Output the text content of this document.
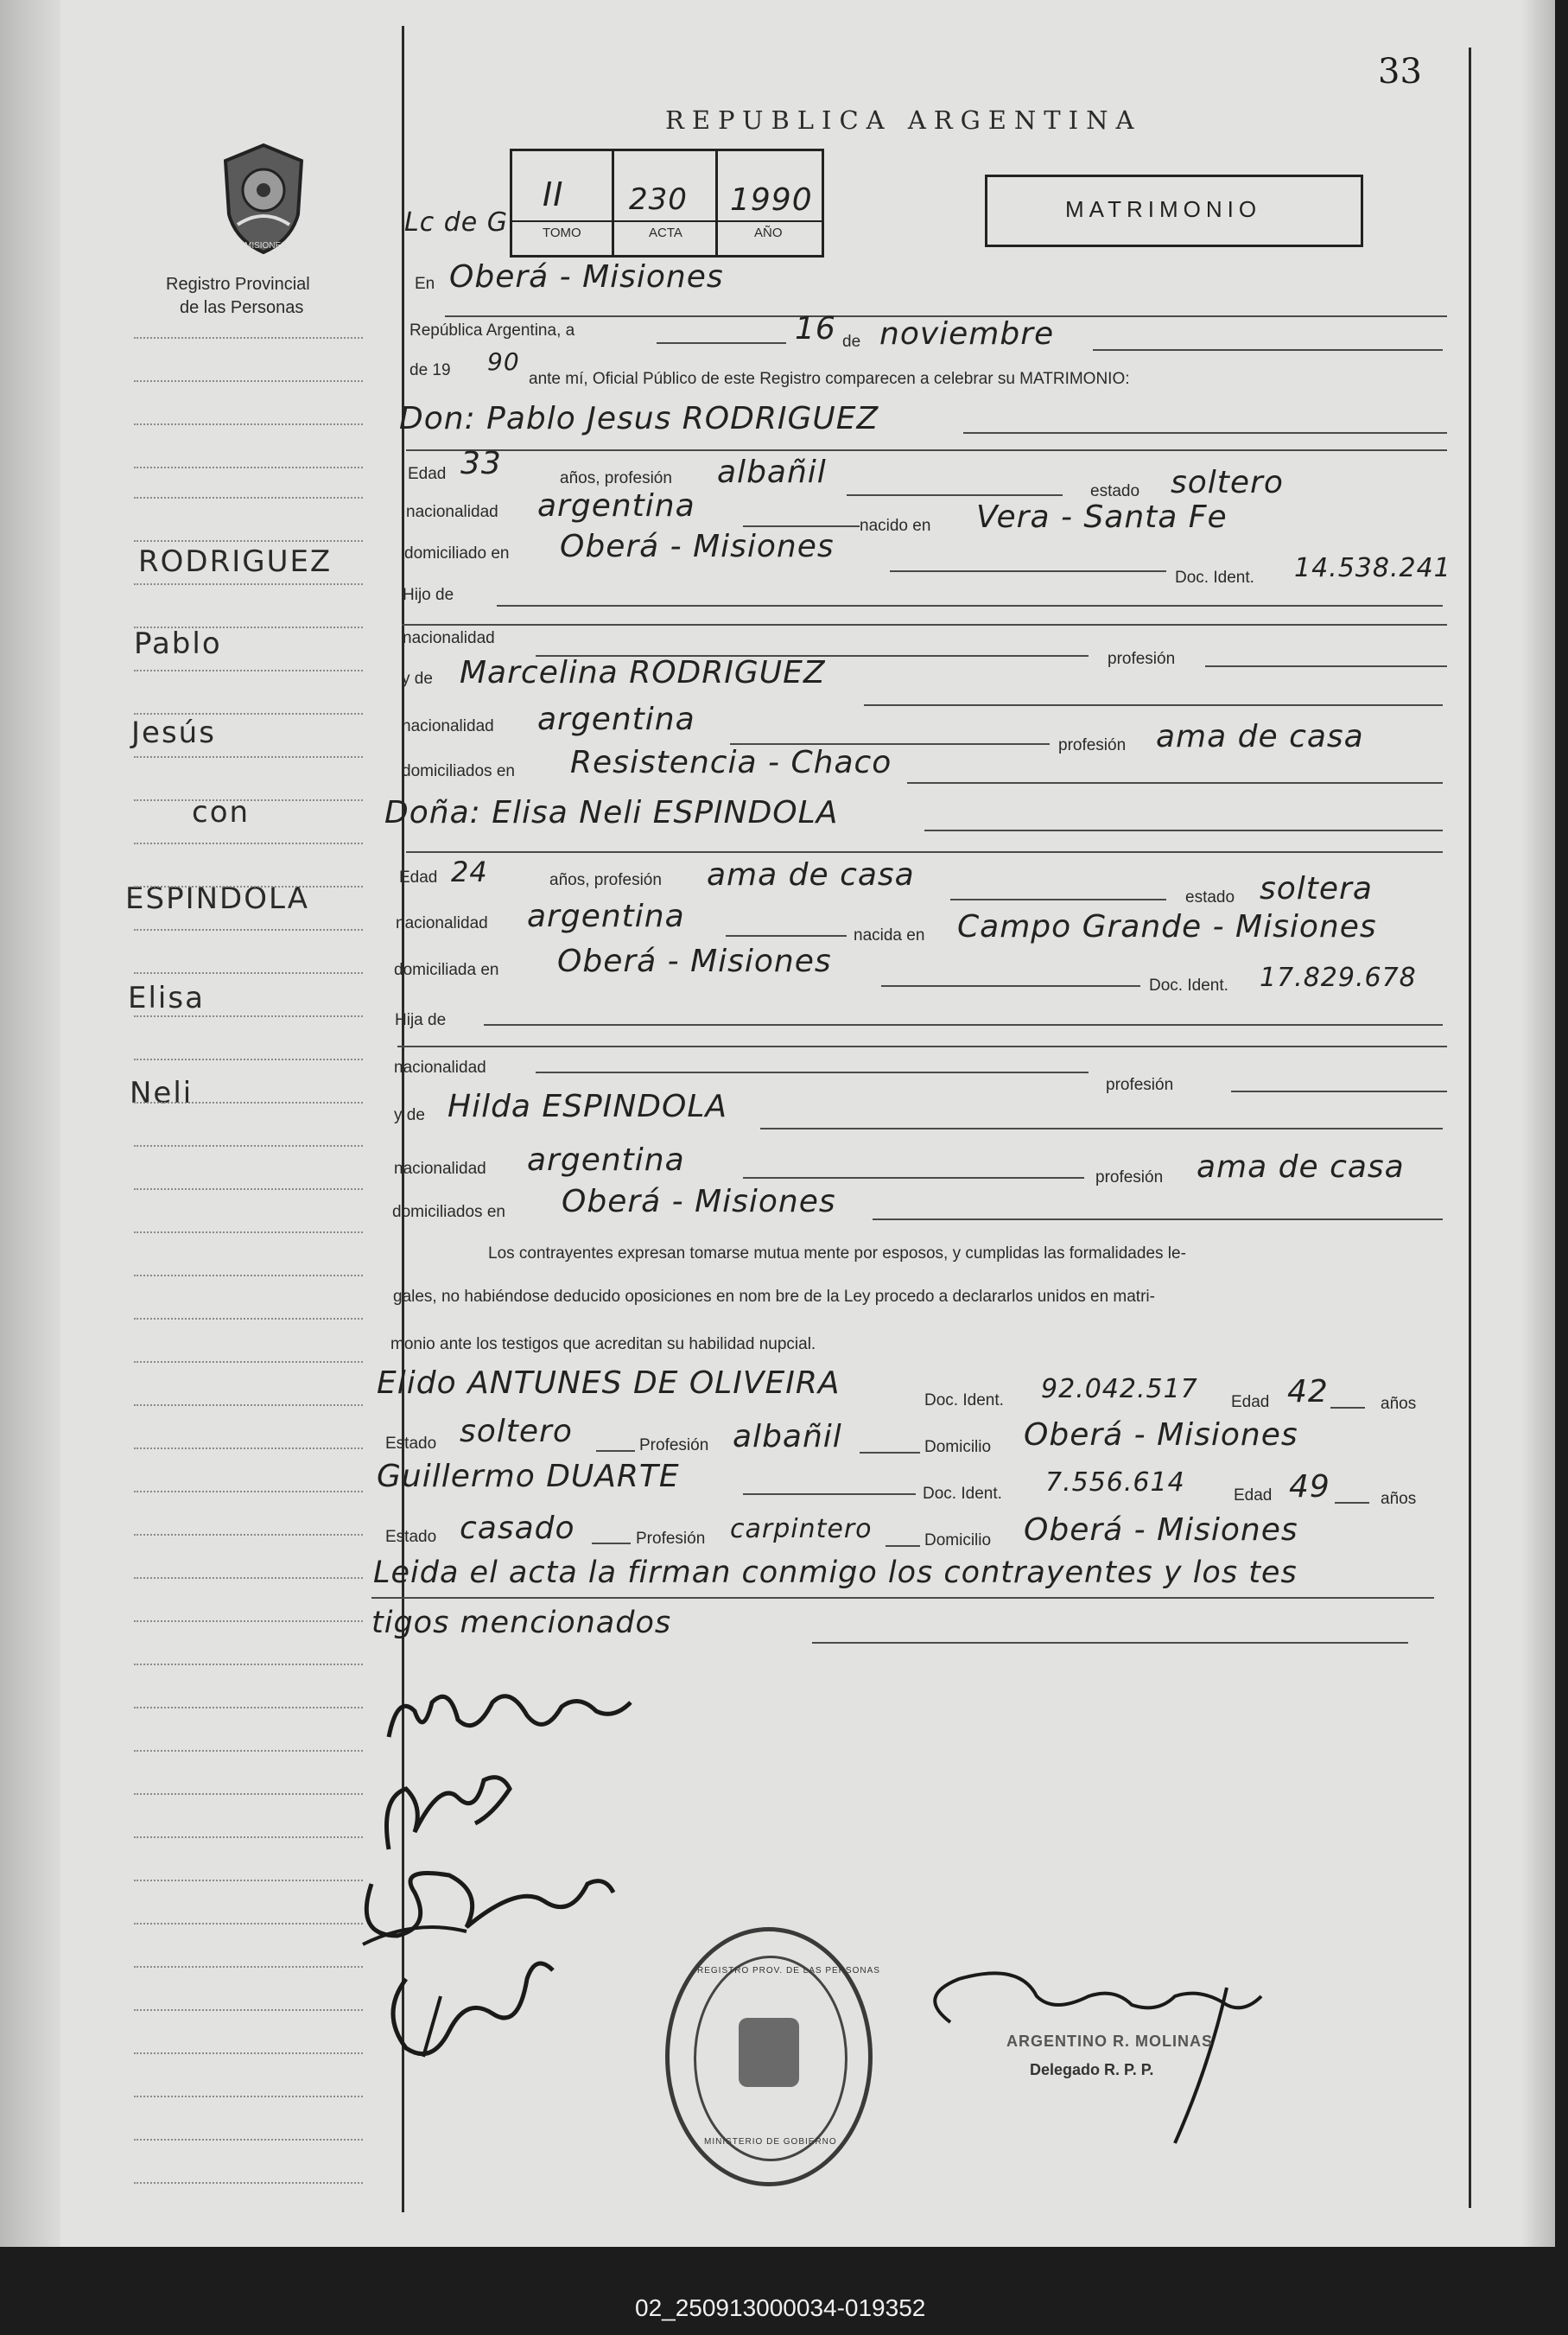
33
MISIONES
Registro Provincial
de las Personas
REPUBLICA ARGENTINA
Lc de G
II 230 1990
TOMO	ACTA	AÑO
MATRIMONIO
RODRIGUEZ
Pablo
Jesús
con
ESPINDOLA
Elisa
Neli
En Oberá - Misiones
República Argentina, a	16 de noviembre
de 19 90
ante mí, Oficial Público de este Registro comparecen a celebrar su MATRIMONIO:
Don: Pablo Jesus RODRIGUEZ
Edad 33	años, profesión albañil
estado soltero
nacionalidad argentina
nacido en Vera - Santa Fe
domiciliado en Oberá - Misiones
Doc. Ident. 14.538.241
Hijo de
nacionalidad
profesión
y de Marcelina RODRIGUEZ
nacionalidad argentina
profesión ama de casa
domiciliados en Resistencia - Chaco
Doña: Elisa Neli ESPINDOLA
Edad 24	años, profesión ama de casa
estado soltera
nacionalidad argentina
nacida en Campo Grande - Misiones
domiciliada en Oberá - Misiones
Doc. Ident. 17.829.678
Hija de
nacionalidad
profesión
y de Hilda ESPINDOLA
nacionalidad argentina	profesión ama de casa
domiciliados en Oberá - Misiones
Los contrayentes expresan tomarse mutua mente por esposos, y cumplidas las formalidades le-
gales, no habiéndose deducido oposiciones en nom bre de la Ley procedo a declararlos unidos en matri-
monio ante los testigos que acreditan su habilidad nupcial.
Elido ANTUNES DE OLIVEIRA	Doc. Ident. 92.042.517 Edad 42	años
Estado soltero	Profesión albañil	Domicilio Oberá - Misiones
Guillermo DUARTE	Doc. Ident. 7.556.614	Edad 49	años
Estado casado	Profesión carpintero	Domicilio Oberá - Misiones
Leida el acta la firman conmigo los contrayentes y los tes
tigos mencionados
REGISTRO PROV. DE LAS PERSONAS
MINISTERIO DE GOBIERNO
ARGENTINO R. MOLINAS
Delegado R. P. P.
02_250913000034-019352
